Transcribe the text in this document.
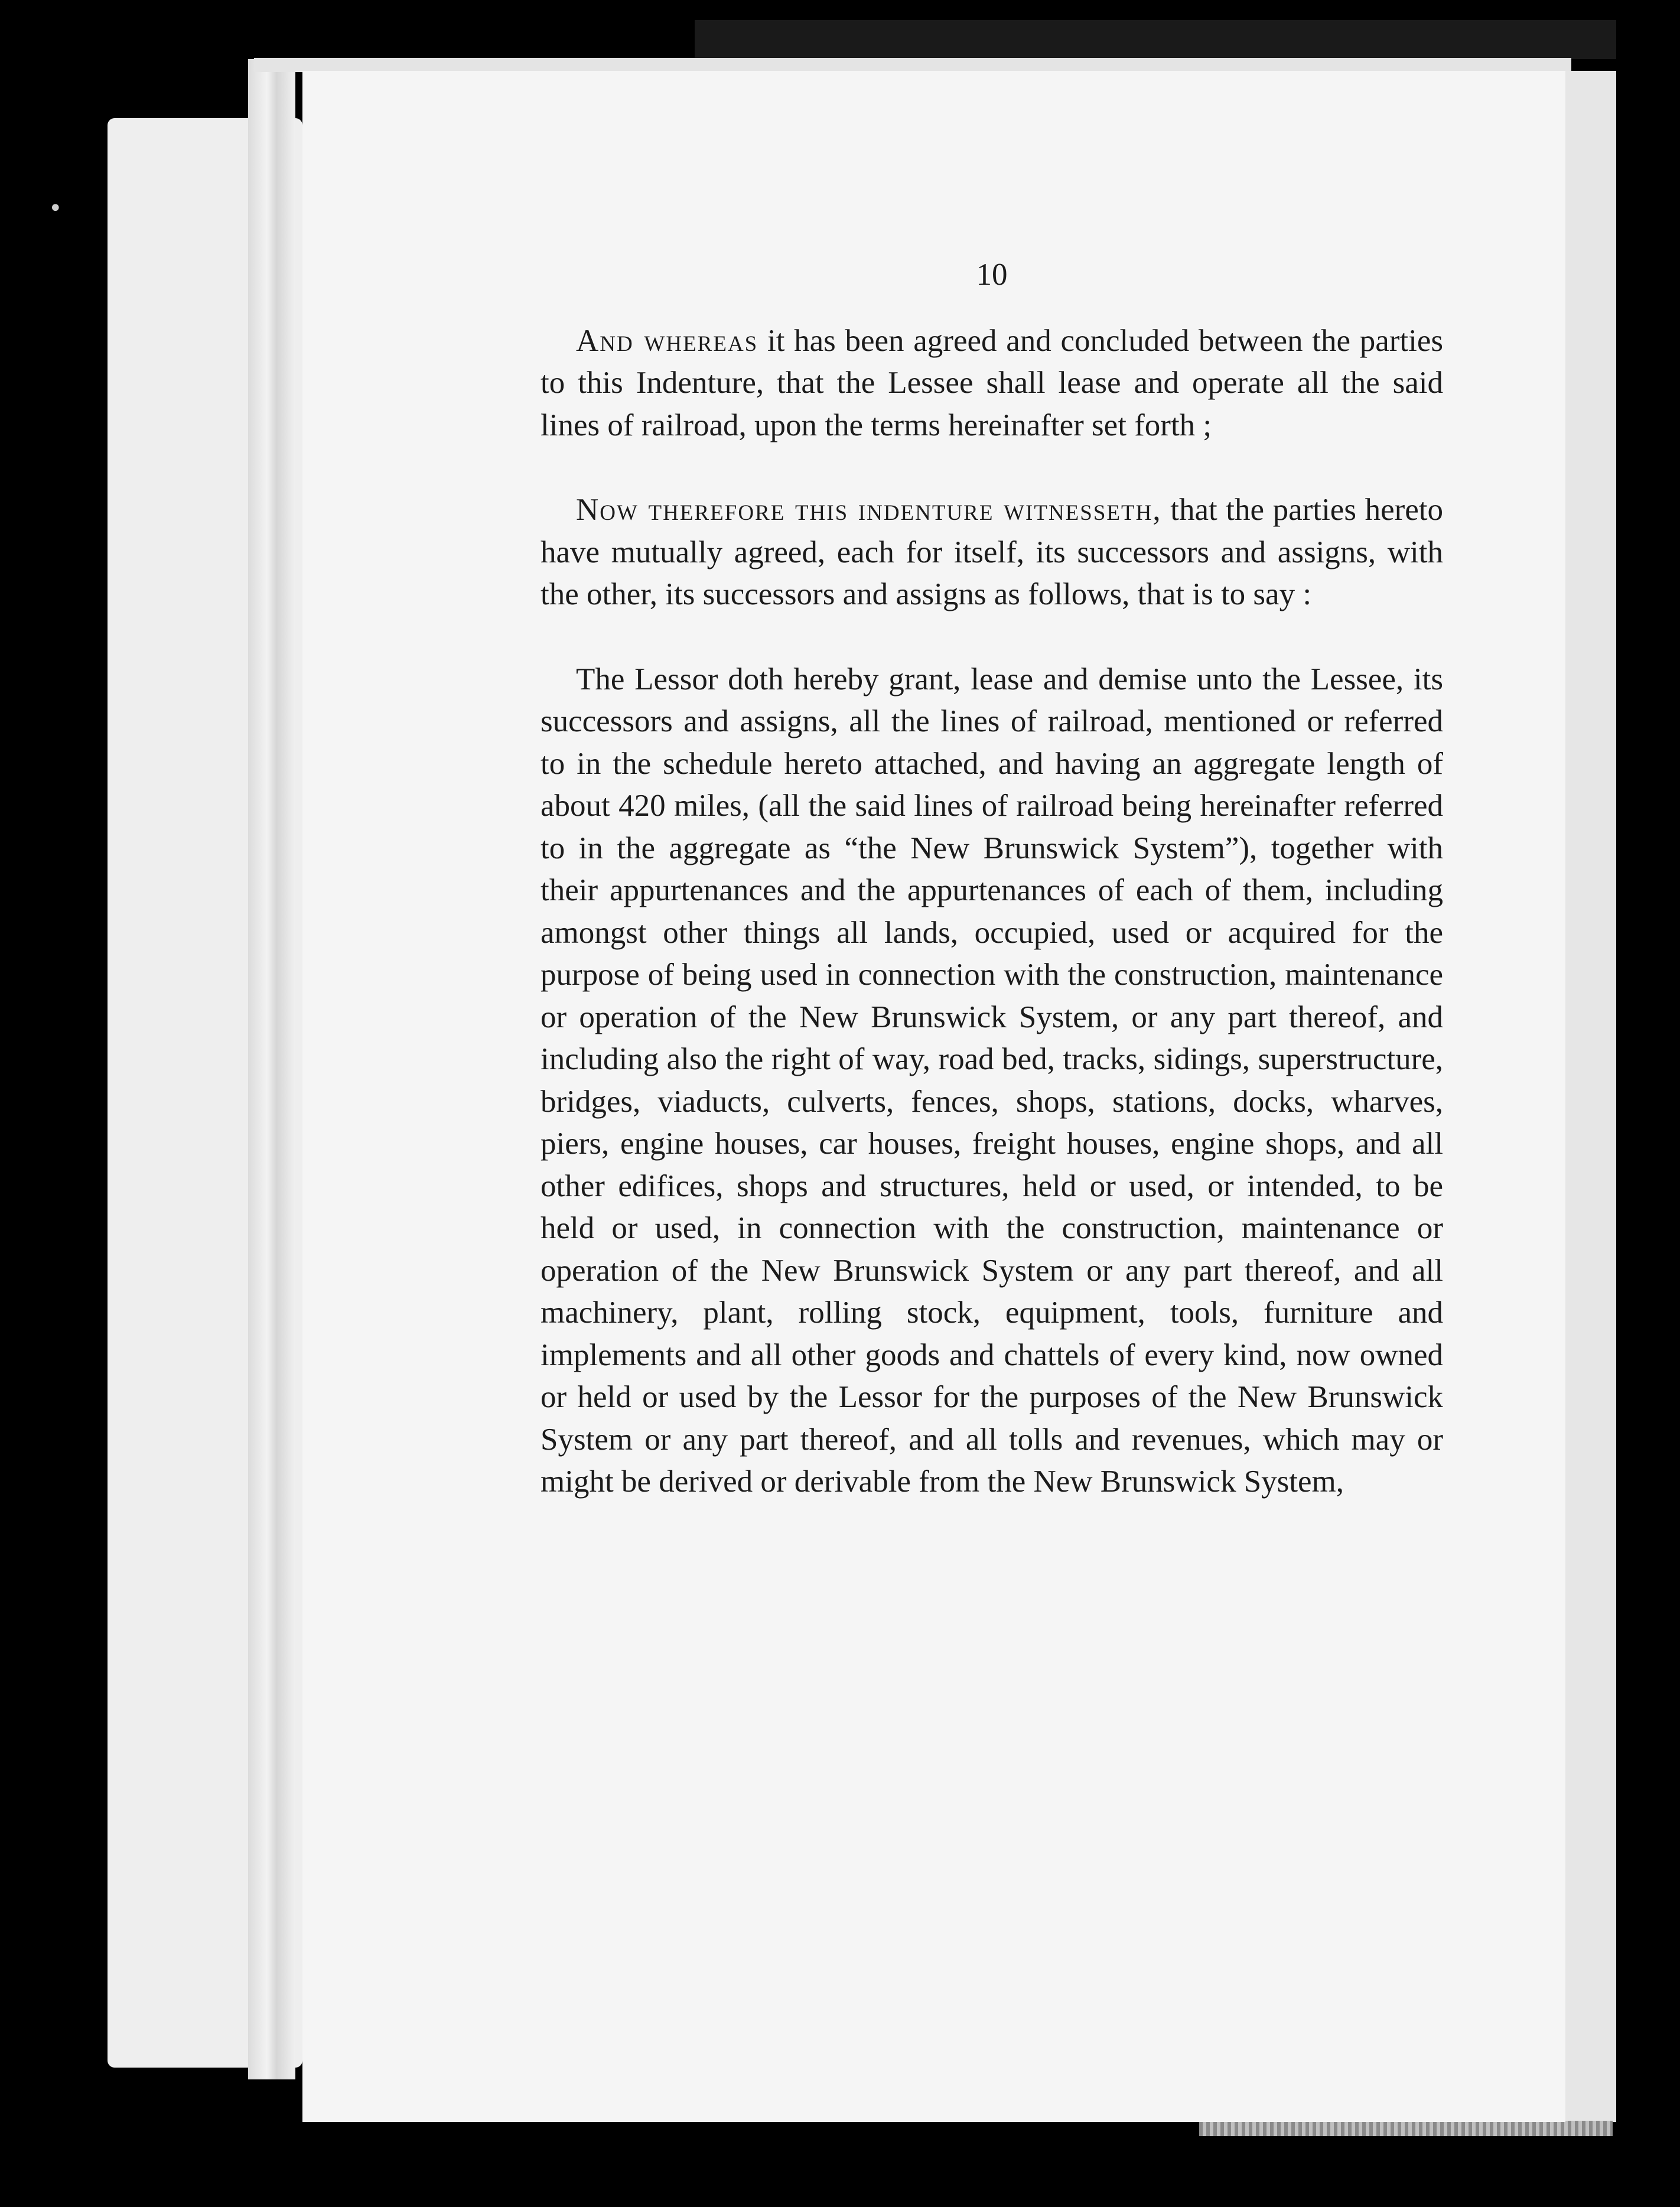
•
10

And whereas it has been agreed and concluded between the parties to this Indenture, that the Lessee shall lease and operate all the said lines of railroad, upon the terms hereinafter set forth ;

Now therefore this indenture witnesseth, that the parties hereto have mutually agreed, each for itself, its successors and assigns, with the other, its successors and assigns as follows, that is to say :

The Lessor doth hereby grant, lease and demise unto the Lessee, its successors and assigns, all the lines of railroad, mentioned or referred to in the schedule hereto attached, and having an aggregate length of about 420 miles, (all the said lines of railroad being hereinafter referred to in the aggregate as “the New Brunswick System”), together with their appurtenances and the appurtenances of each of them, including amongst other things all lands, occupied, used or acquired for the purpose of being used in connection with the construction, maintenance or operation of the New Brunswick System, or any part thereof, and including also the right of way, road bed, tracks, sidings, superstructure, bridges, viaducts, culverts, fences, shops, stations, docks, wharves, piers, engine houses, car houses, freight houses, engine shops, and all other edifices, shops and structures, held or used, or intended, to be held or used, in connection with the construction, maintenance or operation of the New Brunswick System or any part thereof, and all machinery, plant, rolling stock, equipment, tools, furniture and implements and all other goods and chattels of every kind, now owned or held or used by the Lessor for the purposes of the New Brunswick System or any part thereof, and all tolls and revenues, which may or might be derived or derivable from the New Brunswick System,
